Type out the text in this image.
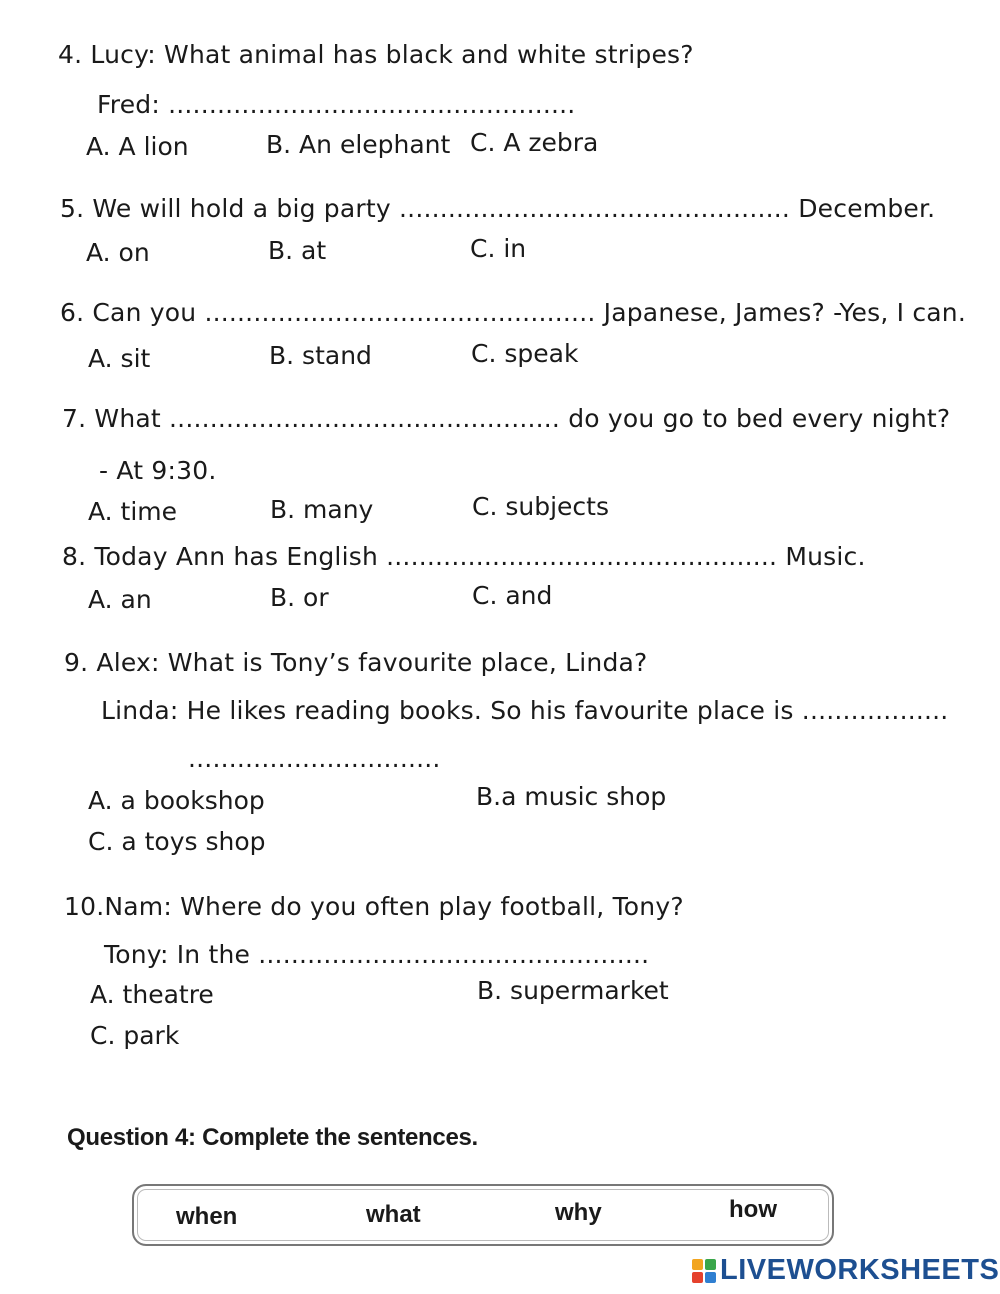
4. Lucy: What animal has black and white stripes?
Fred: ..................................................
A. A lion	B. An elephant C. A zebra
5. We will hold a big party ................................................ December.
A. on	B. at	C. in
6. Can you ................................................ Japanese, James? -Yes, I can.
A. sit	B. stand	C. speak
7. What ................................................ do you go to bed every night?
- At 9:30.
A. time	B. many	C. subjects
8. Today Ann has English ................................................ Music.
A. an	B. or	C. and
9. Alex: What is Tony’s favourite place, Linda?
Linda: He likes reading books. So his favourite place is ..................
...............................
A. a bookshop	B.a music shop
C. a toys shop
10.Nam: Where do you often play football, Tony?
Tony: In the ................................................
A. theatre	B. supermarket
C. park
Question 4: Complete the sentences.
when	what	why	how
LIVEWORKSHEETS
